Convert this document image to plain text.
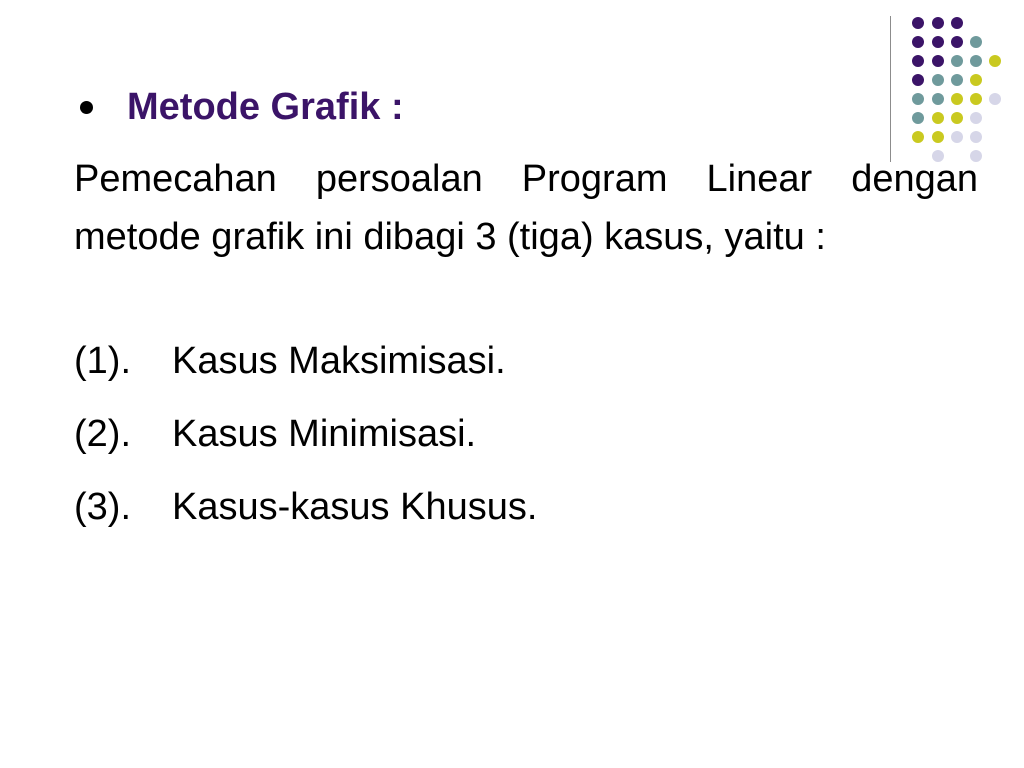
Metode Grafik :
Pemecahan persoalan Program Linear dengan metode grafik ini dibagi 3 (tiga) kasus, yaitu :
(1). Kasus Maksimisasi.
(2). Kasus Minimisasi.
(3). Kasus-kasus Khusus.
